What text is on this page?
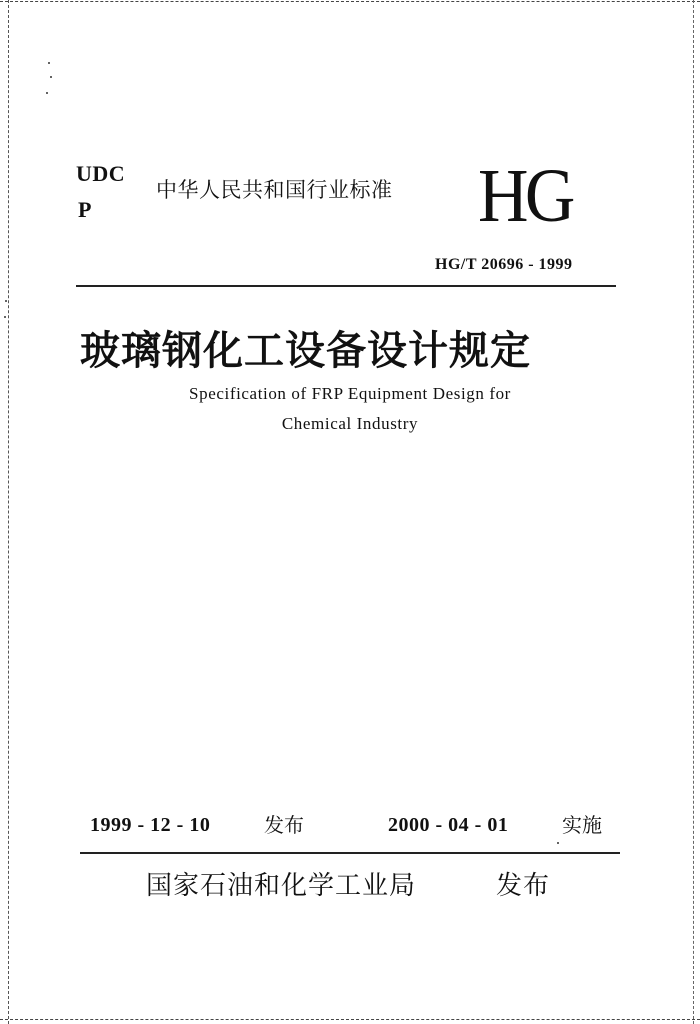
UDC
P
中华人民共和国行业标准 HG
HG/T 20696 - 1999
玻璃钢化工设备设计规定
Specification of FRP Equipment Design for
Chemical Industry
1999 - 12 - 10	发布	2000 - 04 - 01	实施
国家石油和化学工业局	发布
